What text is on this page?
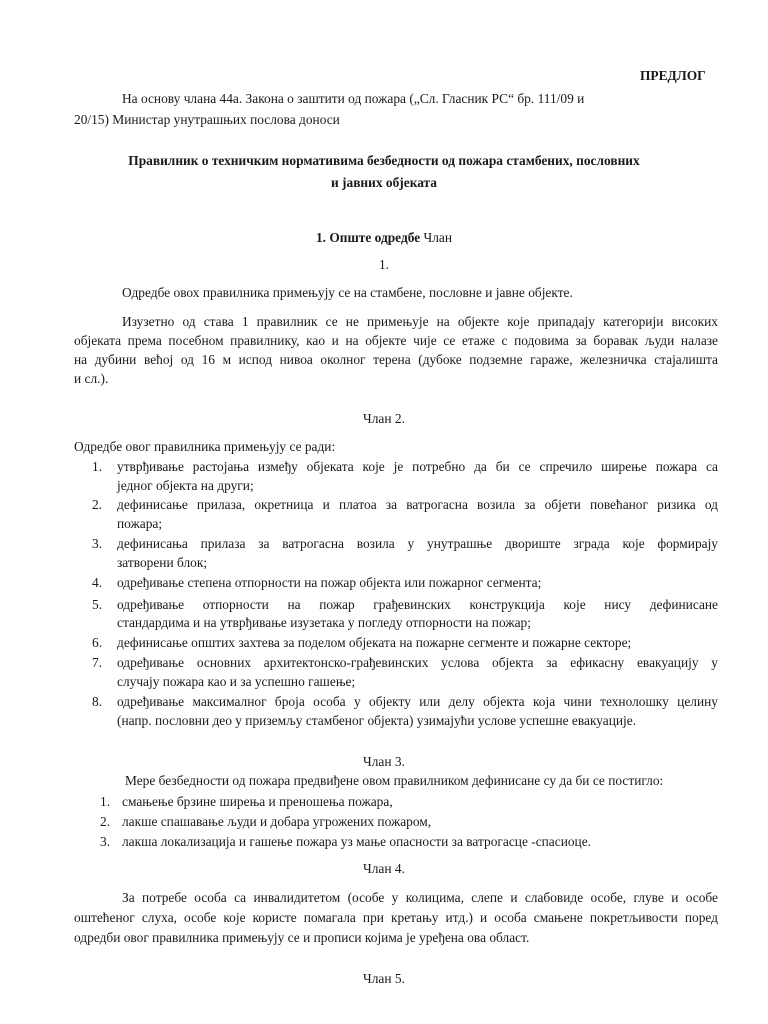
ПРЕДЛОГ
На основу члана 44а. Закона о заштити од пожара („Сл. Гласник РС“ бр. 111/09 и
20/15) Министар унутрашњих послова доноси
Правилник о техничким нормативима безбедности од пожара стамбених, пословних
и јавних објеката
1. Опште одредбе Члан
1.
Одредбе овох правилника примењују се на стамбене, пословне и јавне објекте.
Изузетно од става 1 правилник се не примењује на објекте које припадају категорији високих
објеката према посебном правилнику, као и на објекте чије се етаже с подовима за боравак људи налазе
на дубини већој од 16 м испод нивоа околног терена (дубоке подземне гараже, железничка стајалишта
и сл.).
Члан 2.
Одредбе овог правилника примењују се ради:
1. утврђивање растојања између објеката које је потребно да би се спречило ширење пожара са
једног објекта на други;
2. дефинисање прилаза, окретница и платоа за ватрогасна возила за објети повећаног ризика од
пожара;
3. дефинисања прилаза за ватрогасна возила у унутрашње двориште зграда које формирају
затворени блок;
4. одређивање степена отпорности на пожар објекта или пожарног сегмента;
5. одређивање отпорности на пожар грађевинских конструкција које нису дефинисане
стандардима и на утврђивање изузетака у погледу отпорности на пожар;
6. дефинисање општих захтева за поделом објеката на пожарне сегменте и пожарне секторе;
7. одређивање основних архитектонско-грађевинских услова објекта за ефикасну евакуацију у
случају пожара као и за успешно гашење;
8. одређивање максималног броја особа у објекту или делу објекта која чини технолошку целину
(напр. пословни део у приземљу стамбеног објекта) узимајући услове успешне евакуације.
Члан 3.
Мере безбедности од пожара предвиђене овом правилником дефинисане су да би се постигло:
1. смањење брзине ширења и преношења пожара,
2. лакше спашавање људи и добара угрожених пожаром,
3. лакша локализација и гашење пожара уз мање опасности за ватрогасце -спасиоце.
Члан 4.
За потребе особа са инвалидитетом (особе у колицима, слепе и слабовиде особе, глуве и особе
оштећеног слуха, особе које користе помагала при кретању итд.) и особа смањене покретљивости поред
одредби овог правилника примењују се и прописи којима је уређена ова област.
Члан 5.
